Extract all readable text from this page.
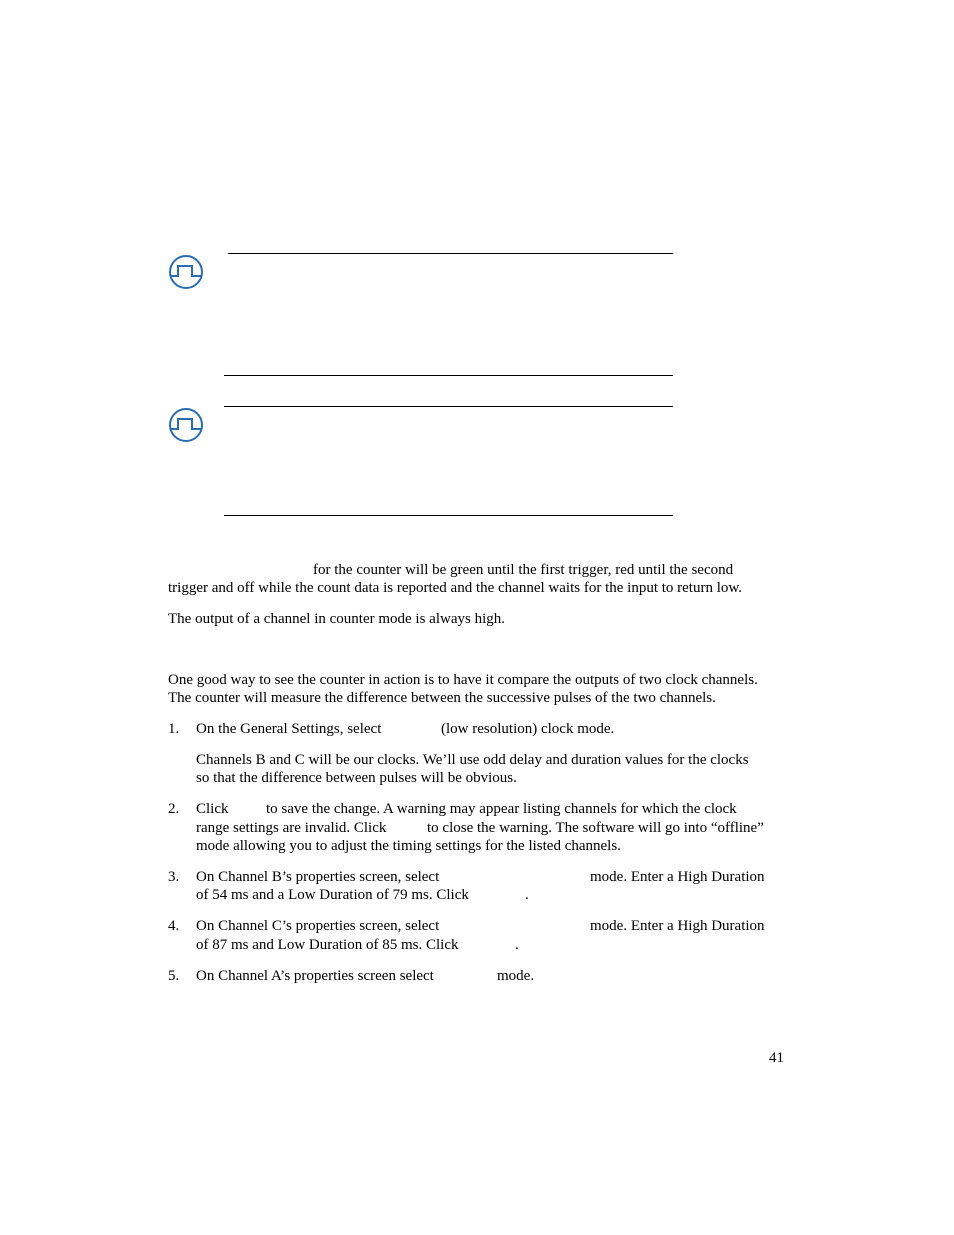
for the counter will be green until the first trigger, red until the second
trigger and off while the count data is reported and the channel waits for the input to return low.
The output of a channel in counter mode is always high.
One good way to see the counter in action is to have it compare the outputs of two clock channels.
The counter will measure the difference between the successive pulses of the two channels.
1. On the General Settings, select	(low resolution) clock mode.
Channels B and C will be our clocks. We’ll use odd delay and duration values for the clocks
so that the difference between pulses will be obvious.
2. Click	to save the change. A warning may appear listing channels for which the clock
range settings are invalid. Click	to close the warning. The software will go into “offline”
mode allowing you to adjust the timing settings for the listed channels.
3. On Channel B’s properties screen, select	mode. Enter a High Duration
of 54 ms and a Low Duration of 79 ms. Click	.
4. On Channel C’s properties screen, select	mode. Enter a High Duration
of 87 ms and Low Duration of 85 ms. Click	.
5. On Channel A’s properties screen select	mode.
41
